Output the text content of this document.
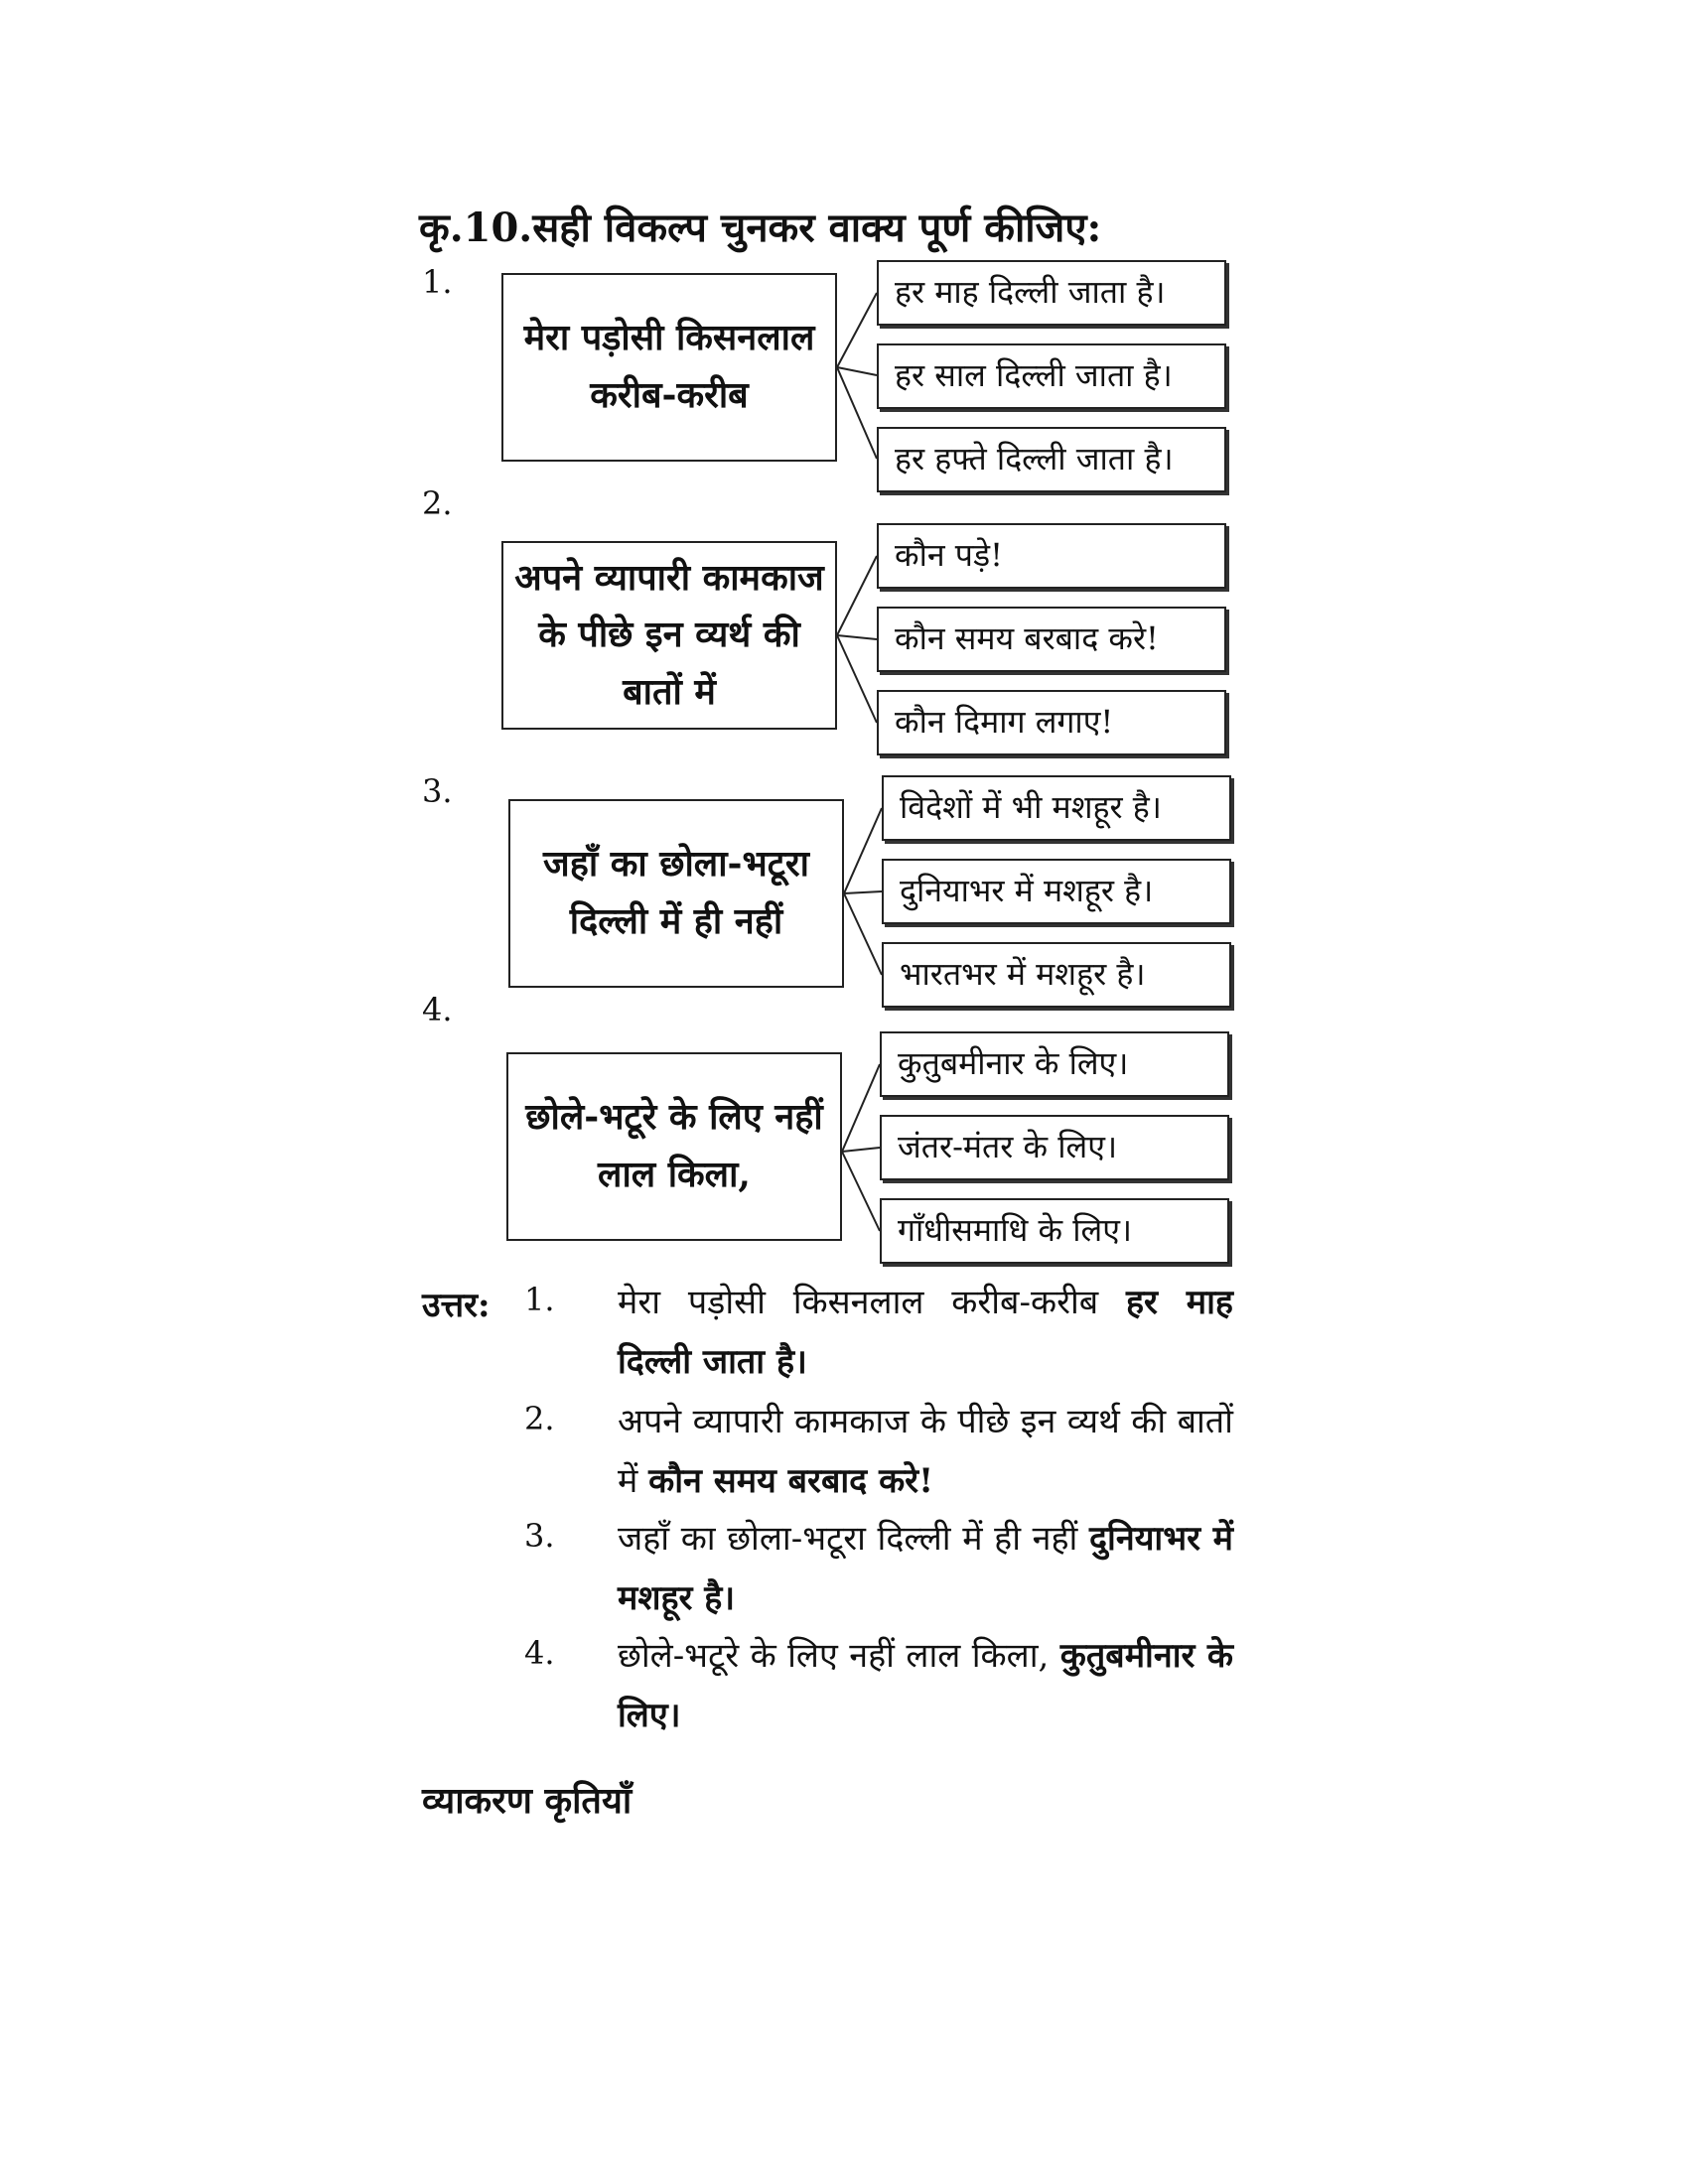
कृ.10.सही विकल्प चुनकर वाक्य पूर्ण कीजिए:
1.
मेरा पड़ोसी किसनलाल करीब-करीब
हर माह दिल्ली जाता है।
हर साल दिल्ली जाता है।
हर हफ्ते दिल्ली जाता है।
2.
अपने व्यापारी कामकाज के पीछे इन व्यर्थ की बातों में
कौन पड़े!
कौन समय बरबाद करे!
कौन दिमाग लगाए!
3.
जहाँ का छोला-भटूरा दिल्ली में ही नहीं
विदेशों में भी मशहूर है।
दुनियाभर में मशहूर है।
भारतभर में मशहूर है।
4.
छोले-भटूरे के लिए नहीं लाल किला,
कुतुबमीनार के लिए।
जंतर-मंतर के लिए।
गाँधीसमाधि के लिए।
उत्तर: 1. मेरा पड़ोसी किसनलाल करीब-करीब हर माह दिल्ली जाता है।
2. अपने व्यापारी कामकाज के पीछे इन व्यर्थ की बातों में कौन समय बरबाद करे!
3. जहाँ का छोला-भटूरा दिल्ली में ही नहीं दुनियाभर में मशहूर है।
4. छोले-भटूरे के लिए नहीं लाल किला, कुतुबमीनार के लिए।
व्याकरण कृतियाँ
